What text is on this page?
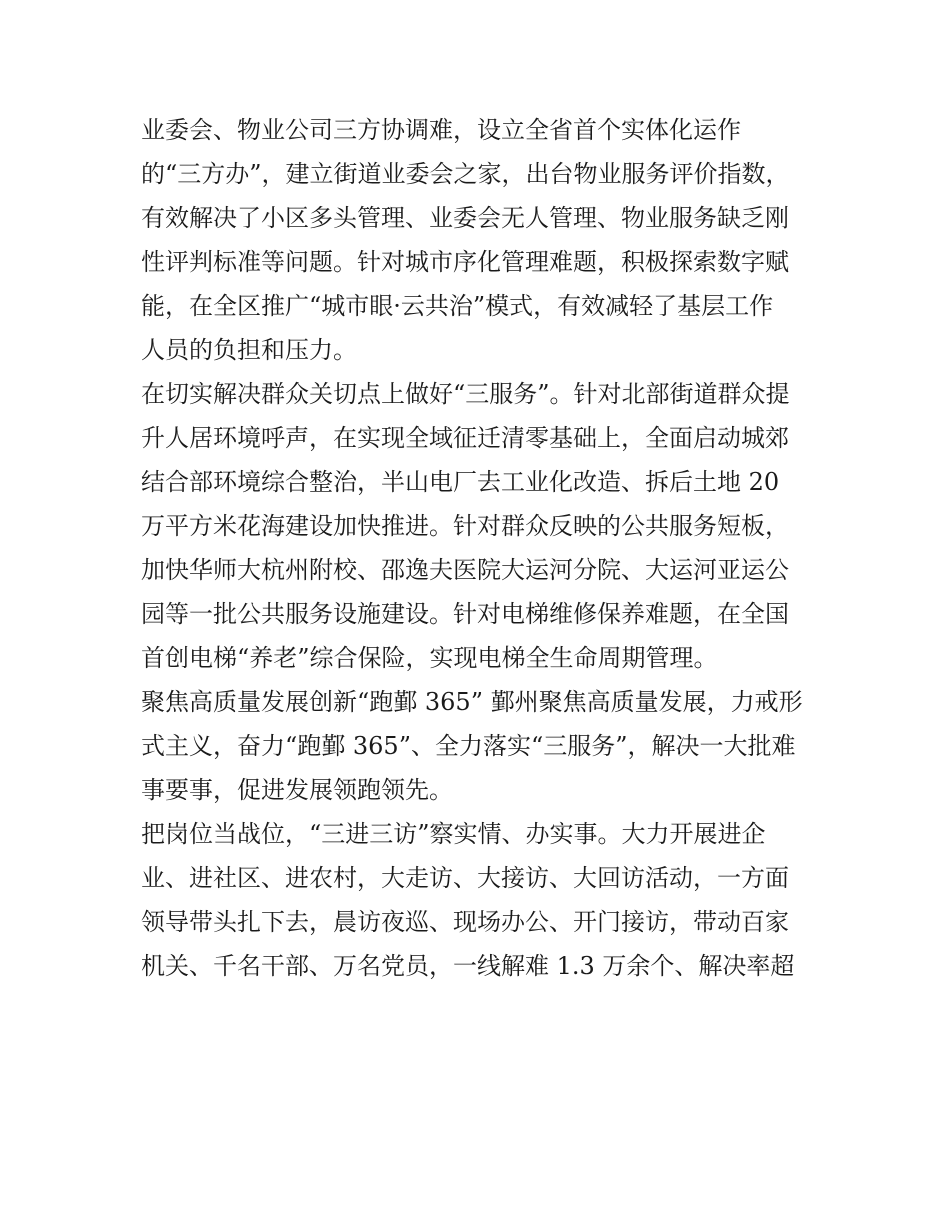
业委会、物业公司三方协调难，设立全省首个实体化运作
的“三方办”，建立街道业委会之家，出台物业服务评价指数，
有效解决了小区多头管理、业委会无人管理、物业服务缺乏刚
性评判标准等问题。针对城市序化管理难题，积极探索数字赋
能，在全区推广“城市眼·云共治”模式，有效减轻了基层工作
人员的负担和压力。
在切实解决群众关切点上做好“三服务”。针对北部街道群众提
升人居环境呼声，在实现全域征迁清零基础上，全面启动城郊
结合部环境综合整治，半山电厂去工业化改造、拆后土地 20
万平方米花海建设加快推进。针对群众反映的公共服务短板，
加快华师大杭州附校、邵逸夫医院大运河分院、大运河亚运公
园等一批公共服务设施建设。针对电梯维修保养难题，在全国
首创电梯“养老”综合保险，实现电梯全生命周期管理。
聚焦高质量发展创新“跑鄞 365” 鄞州聚焦高质量发展，力戒形
式主义，奋力“跑鄞 365”、全力落实“三服务”，解决一大批难
事要事，促进发展领跑领先。
把岗位当战位，“三进三访”察实情、办实事。大力开展进企
业、进社区、进农村，大走访、大接访、大回访活动，一方面
领导带头扎下去，晨访夜巡、现场办公、开门接访，带动百家
机关、千名干部、万名党员，一线解难 1.3 万余个、解决率超
